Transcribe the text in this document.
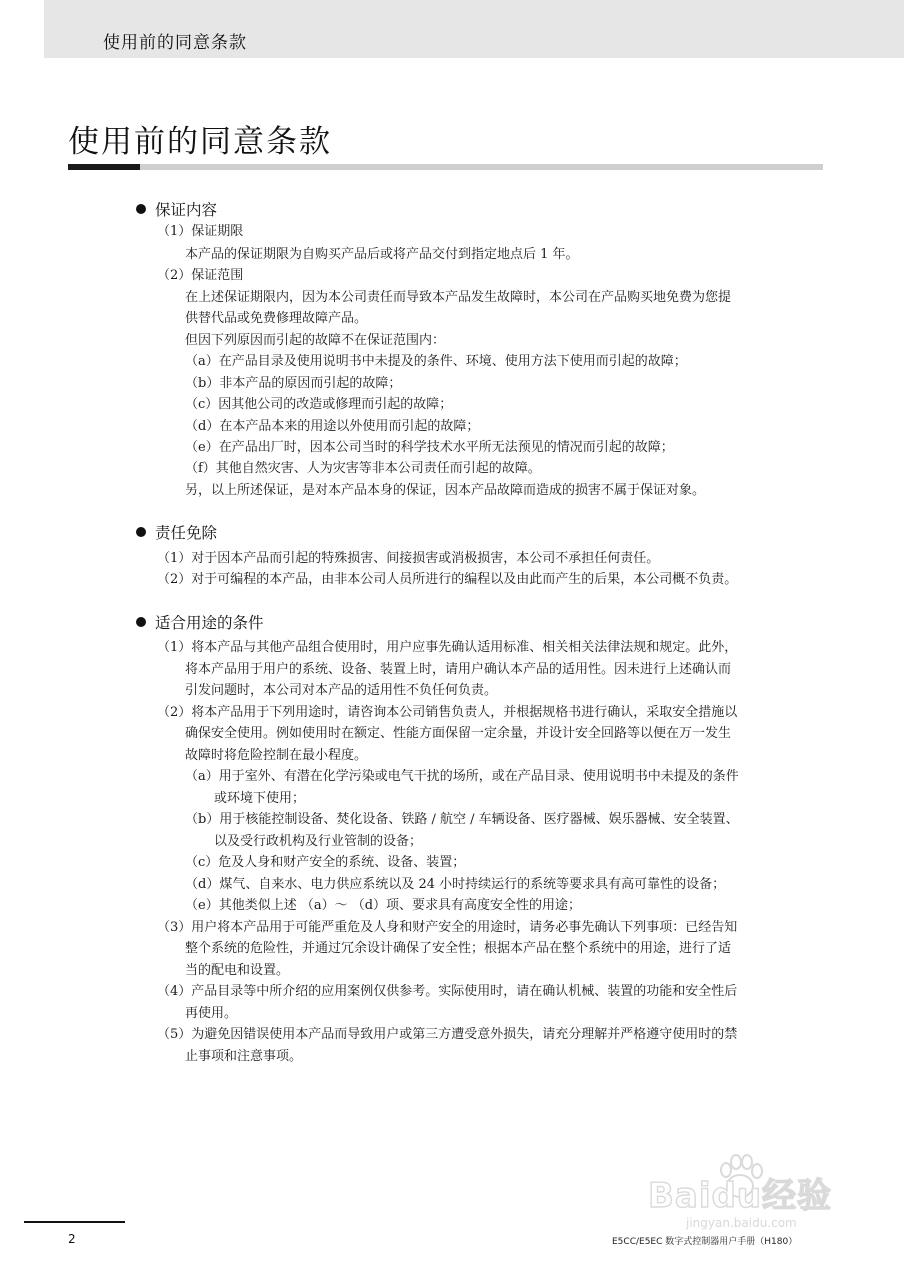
使用前的同意条款
使用前的同意条款
保证内容
（1）保证期限
本产品的保证期限为自购买产品后或将产品交付到指定地点后 1 年。
（2）保证范围
在上述保证期限内，因为本公司责任而导致本产品发生故障时，本公司在产品购买地免费为您提
供替代品或免费修理故障产品。
但因下列原因而引起的故障不在保证范围内：
（a）在产品目录及使用说明书中未提及的条件、环境、使用方法下使用而引起的故障；
（b）非本产品的原因而引起的故障；
（c）因其他公司的改造或修理而引起的故障；
（d）在本产品本来的用途以外使用而引起的故障；
（e）在产品出厂时，因本公司当时的科学技术水平所无法预见的情况而引起的故障；
（f）其他自然灾害、人为灾害等非本公司责任而引起的故障。
另，以上所述保证，是对本产品本身的保证，因本产品故障而造成的损害不属于保证对象。
责任免除
（1）对于因本产品而引起的特殊损害、间接损害或消极损害，本公司不承担任何责任。
（2）对于可编程的本产品，由非本公司人员所进行的编程以及由此而产生的后果，本公司概不负责。
适合用途的条件
（1）将本产品与其他产品组合使用时，用户应事先确认适用标准、相关相关法律法规和规定。此外，
将本产品用于用户的系统、设备、装置上时，请用户确认本产品的适用性。因未进行上述确认而
引发问题时，本公司对本产品的适用性不负任何负责。
（2）将本产品用于下列用途时，请咨询本公司销售负责人，并根据规格书进行确认，采取安全措施以
确保安全使用。例如使用时在额定、性能方面保留一定余量，并设计安全回路等以便在万一发生
故障时将危险控制在最小程度。
（a）用于室外、有潜在化学污染或电气干扰的场所，或在产品目录、使用说明书中未提及的条件
或环境下使用；
（b）用于核能控制设备、焚化设备、铁路 / 航空 / 车辆设备、医疗器械、娱乐器械、安全装置、
以及受行政机构及行业管制的设备；
（c）危及人身和财产安全的系统、设备、装置；
（d）煤气、自来水、电力供应系统以及 24 小时持续运行的系统等要求具有高可靠性的设备；
（e）其他类似上述 （a）～ （d）项、要求具有高度安全性的用途；
（3）用户将本产品用于可能严重危及人身和财产安全的用途时，请务必事先确认下列事项：已经告知
整个系统的危险性，并通过冗余设计确保了安全性；根据本产品在整个系统中的用途，进行了适
当的配电和设置。
（4）产品目录等中所介绍的应用案例仅供参考。实际使用时，请在确认机械、装置的功能和安全性后
再使用。
（5）为避免因错误使用本产品而导致用户或第三方遭受意外损失，请充分理解并严格遵守使用时的禁
止事项和注意事项。
Baidu经验
jingyan.baidu.com
2	E5CC/E5EC 数字式控制器用户手册（H180）
